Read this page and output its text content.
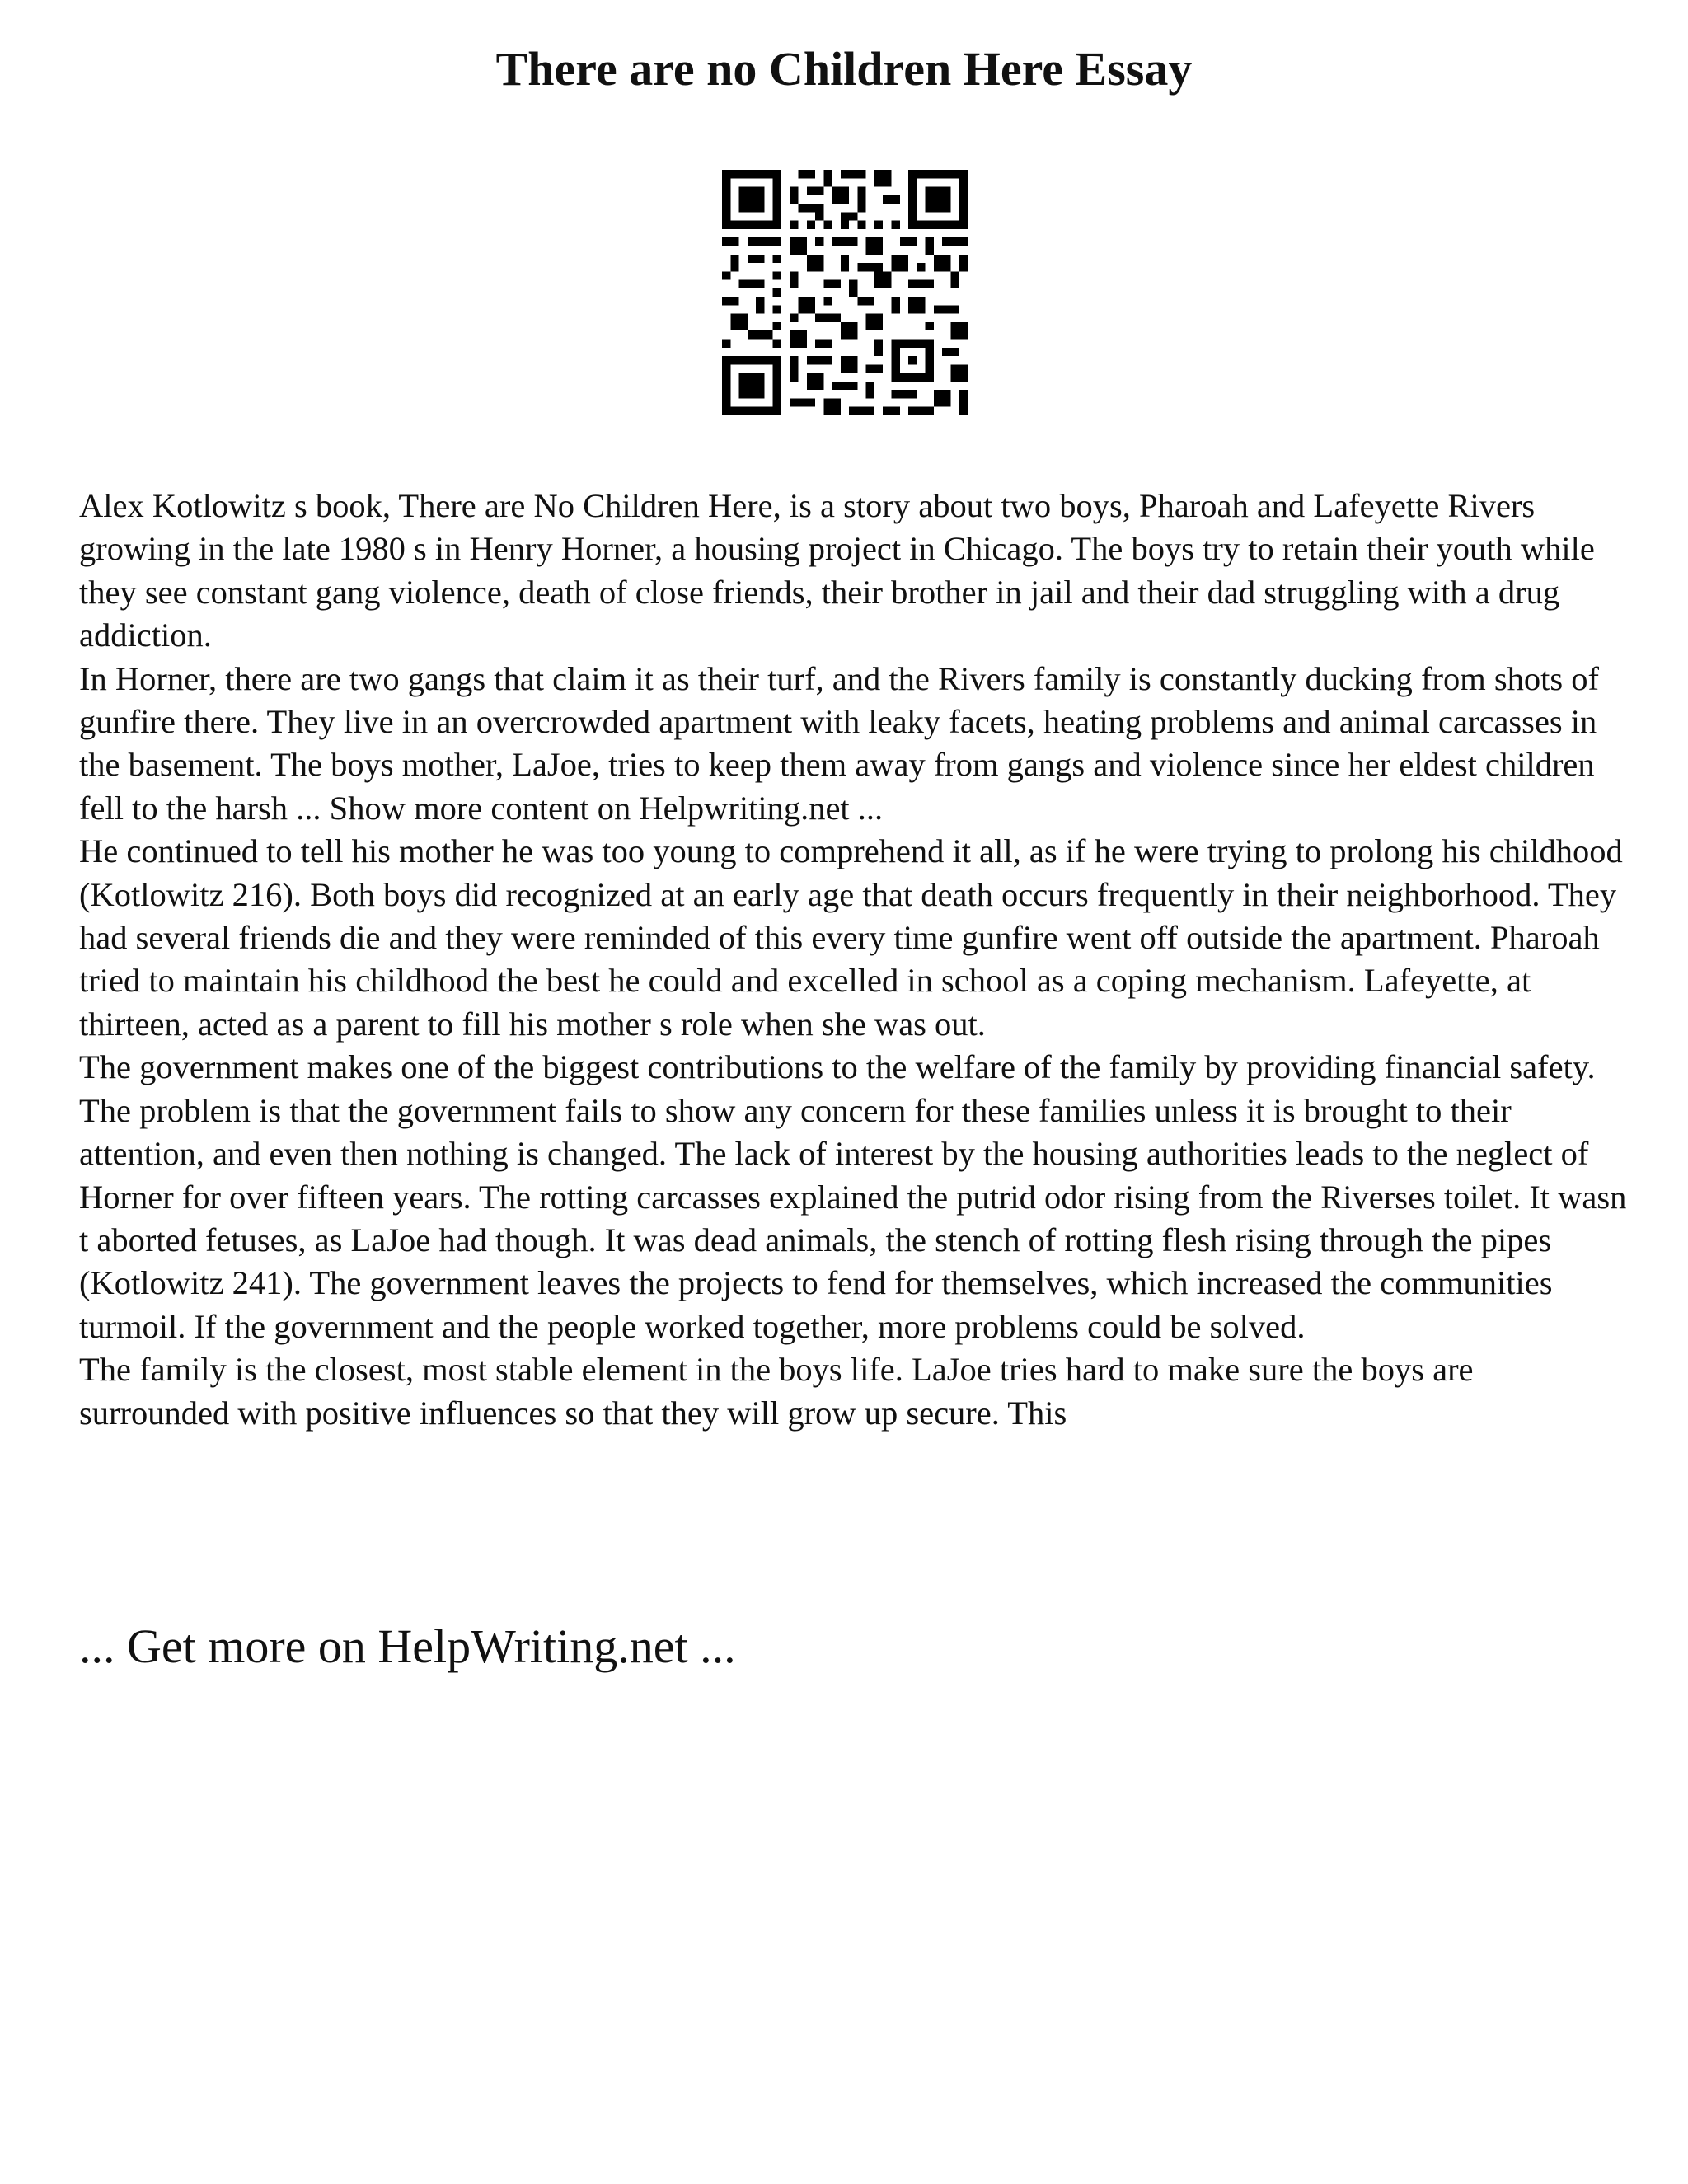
There are no Children Here Essay

Alex Kotlowitz s book, There are No Children Here, is a story about two boys, Pharoah and Lafeyette Rivers growing in the late 1980 s in Henry Horner, a housing project in Chicago. The boys try to retain their youth while they see constant gang violence, death of close friends, their brother in jail and their dad struggling with a drug addiction.

In Horner, there are two gangs that claim it as their turf, and the Rivers family is constantly ducking from shots of gunfire there. They live in an overcrowded apartment with leaky facets, heating problems and animal carcasses in the basement. The boys mother, LaJoe, tries to keep them away from gangs and violence since her eldest children fell to the harsh ... Show more content on Helpwriting.net ...

He continued to tell his mother he was too young to comprehend it all, as if he were trying to prolong his childhood (Kotlowitz 216). Both boys did recognized at an early age that death occurs frequently in their neighborhood. They had several friends die and they were reminded of this every time gunfire went off outside the apartment. Pharoah tried to maintain his childhood the best he could and excelled in school as a coping mechanism. Lafeyette, at thirteen, acted as a parent to fill his mother s role when she was out.

The government makes one of the biggest contributions to the welfare of the family by providing financial safety. The problem is that the government fails to show any concern for these families unless it is brought to their attention, and even then nothing is changed. The lack of interest by the housing authorities leads to the neglect of Horner for over fifteen years. The rotting carcasses explained the putrid odor rising from the Riverses toilet. It wasn t aborted fetuses, as LaJoe had though. It was dead animals, the stench of rotting flesh rising through the pipes (Kotlowitz 241). The government leaves the projects to fend for themselves, which increased the communities turmoil. If the government and the people worked together, more problems could be solved.

The family is the closest, most stable element in the boys life. LaJoe tries hard to make sure the boys are surrounded with positive influences so that they will grow up secure. This

... Get more on HelpWriting.net ...
